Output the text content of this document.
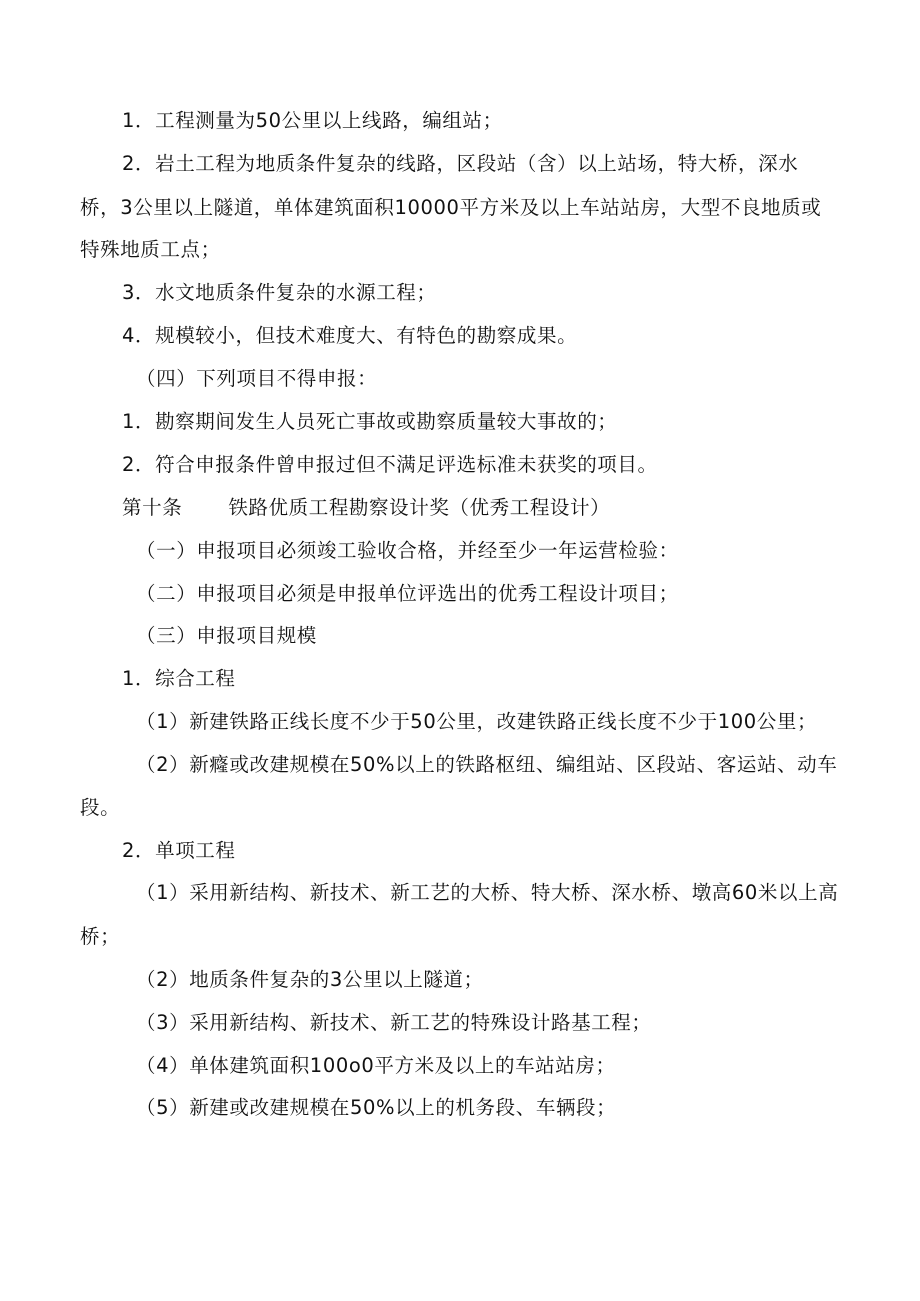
1．工程测量为50公里以上线路，编组站；

2．岩土工程为地质条件复杂的线路，区段站（含）以上站场，特大桥，深水

桥，3公里以上隧道，单体建筑面积10000平方米及以上车站站房，大型不良地质或

特殊地质工点；

3．水文地质条件复杂的水源工程；

4．规模较小，但技术难度大、有特色的勘察成果。

（四）下列项目不得申报：

1．勘察期间发生人员死亡事故或勘察质量较大事故的；

2．符合申报条件曾申报过但不满足评选标准未获奖的项目。

第十条 铁路优质工程勘察设计奖（优秀工程设计）

（一）申报项目必须竣工验收合格，并经至少一年运营检验：

（二）申报项目必须是申报单位评选出的优秀工程设计项目；

（三）申报项目规模

1．综合工程

（1）新建铁路正线长度不少于50公里，改建铁路正线长度不少于100公里；

（2）新癃或改建规模在50%以上的铁路枢纽、编组站、区段站、客运站、动车

段。

2．单项工程

（1）采用新结构、新技术、新工艺的大桥、特大桥、深水桥、墩高60米以上高

桥；

（2）地质条件复杂的3公里以上隧道；

（3）采用新结构、新技术、新工艺的特殊设计路基工程；

（4）单体建筑面积100o0平方米及以上的车站站房；

（5）新建或改建规模在50%以上的机务段、车辆段；
